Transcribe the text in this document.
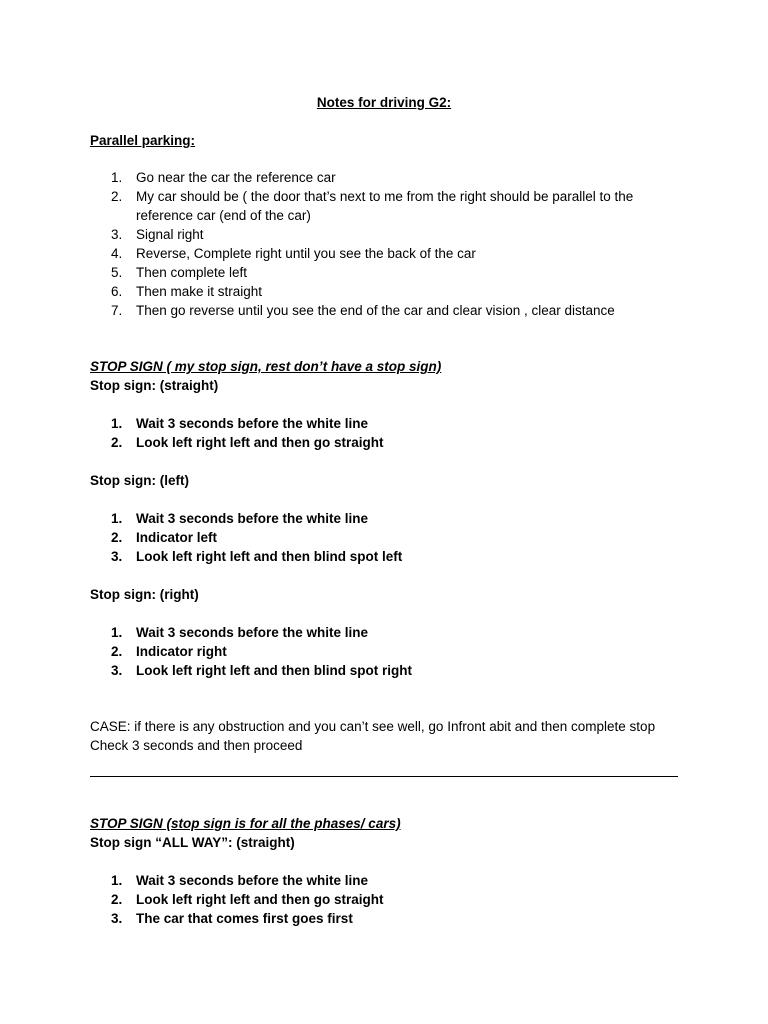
Notes for driving G2:
Parallel parking:
1. Go near the car the reference car
2. My car should be ( the door that’s next to me from the right should be parallel to the
reference car (end of the car)
3. Signal right
4. Reverse, Complete right until you see the back of the car
5. Then complete left
6. Then make it straight
7. Then go reverse until you see the end of the car and clear vision , clear distance
STOP SIGN ( my stop sign, rest don’t have a stop sign)
Stop sign: (straight)
1. Wait 3 seconds before the white line
2. Look left right left and then go straight
Stop sign: (left)
1. Wait 3 seconds before the white line
2. Indicator left
3. Look left right left and then blind spot left
Stop sign: (right)
1. Wait 3 seconds before the white line
2. Indicator right
3. Look left right left and then blind spot right
CASE: if there is any obstruction and you can’t see well, go Infront abit and then complete stop
Check 3 seconds and then proceed
STOP SIGN (stop sign is for all the phases/ cars)
Stop sign “ALL WAY”: (straight)
1. Wait 3 seconds before the white line
2. Look left right left and then go straight
3. The car that comes first goes first
